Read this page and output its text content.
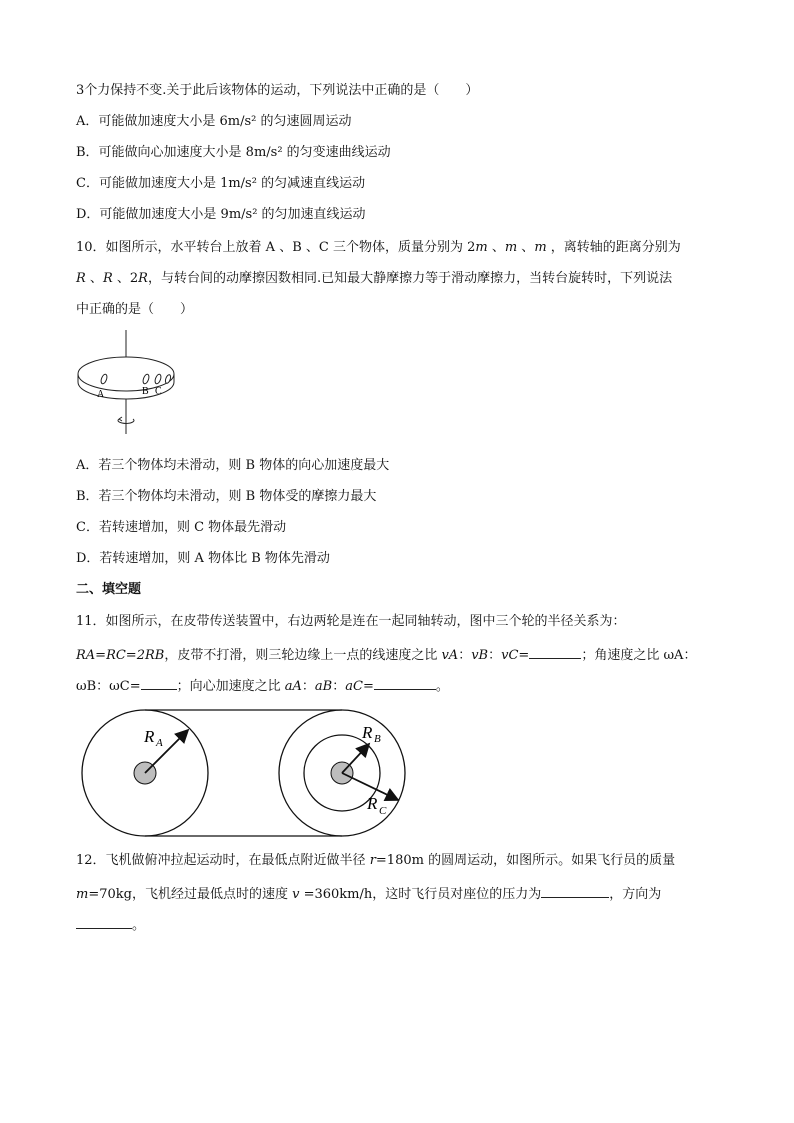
3个力保持不变.关于此后该物体的运动，下列说法中正确的是（　　）
A．可能做加速度大小是 6m/s² 的匀速圆周运动
B．可能做向心加速度大小是 8m/s² 的匀变速曲线运动
C．可能做加速度大小是 1m/s² 的匀减速直线运动
D．可能做加速度大小是 9m/s² 的匀加速直线运动
10．如图所示，水平转台上放着 A 、B 、C 三个物体，质量分别为 2m 、m 、m ，离转轴的距离分别为
R 、R 、2R，与转台间的动摩擦因数相同.已知最大静摩擦力等于滑动摩擦力，当转台旋转时，下列说法
中正确的是（　　）
A	B C
A．若三个物体均未滑动，则 B 物体的向心加速度最大
B．若三个物体均未滑动，则 B 物体受的摩擦力最大
C．若转速增加，则 C 物体最先滑动
D．若转速增加，则 A 物体比 B 物体先滑动
二、填空题
11．如图所示，在皮带传送装置中，右边两轮是连在一起同轴转动，图中三个轮的半径关系为：
RA=RC=2RB，皮带不打滑，则三轮边缘上一点的线速度之比 vA：vB：vC=	；角速度之比 ωA：
ωB：ωC=	；向心加速度之比 aA：aB：aC=	。
R A
R B
R C
12．飞机做俯冲拉起运动时，在最低点附近做半径 r=180m 的圆周运动，如图所示。如果飞行员的质量
m=70kg，飞机经过最低点时的速度 v =360km/h，这时飞行员对座位的压力为	，方向为
。
